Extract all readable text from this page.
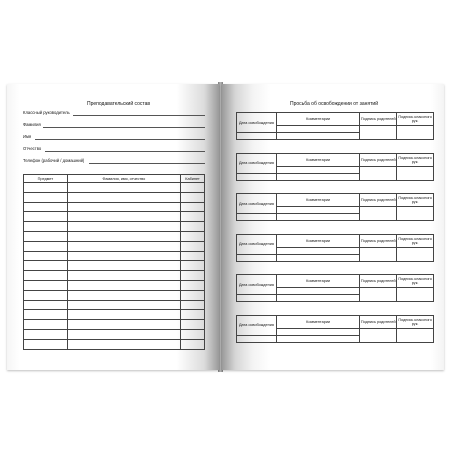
Преподавательский состав
Классный руководитель
Фамилия
Имя
Отчество
Телефон (рабочий / домашний)
Предмет	Фамилия, имя, отчество	Кабинет

Просьба об освобождении от занятий
Дата освобождения	Комментарии	Подпись родителей	Подпись классного рук.

Дата освобождения	Комментарии	Подпись родителей	Подпись классного рук.

Дата освобождения	Комментарии	Подпись родителей	Подпись классного рук.

Дата освобождения	Комментарии	Подпись родителей	Подпись классного рук.

Дата освобождения	Комментарии	Подпись родителей	Подпись классного рук.

Дата освобождения	Комментарии	Подпись родителей	Подпись классного рук.
